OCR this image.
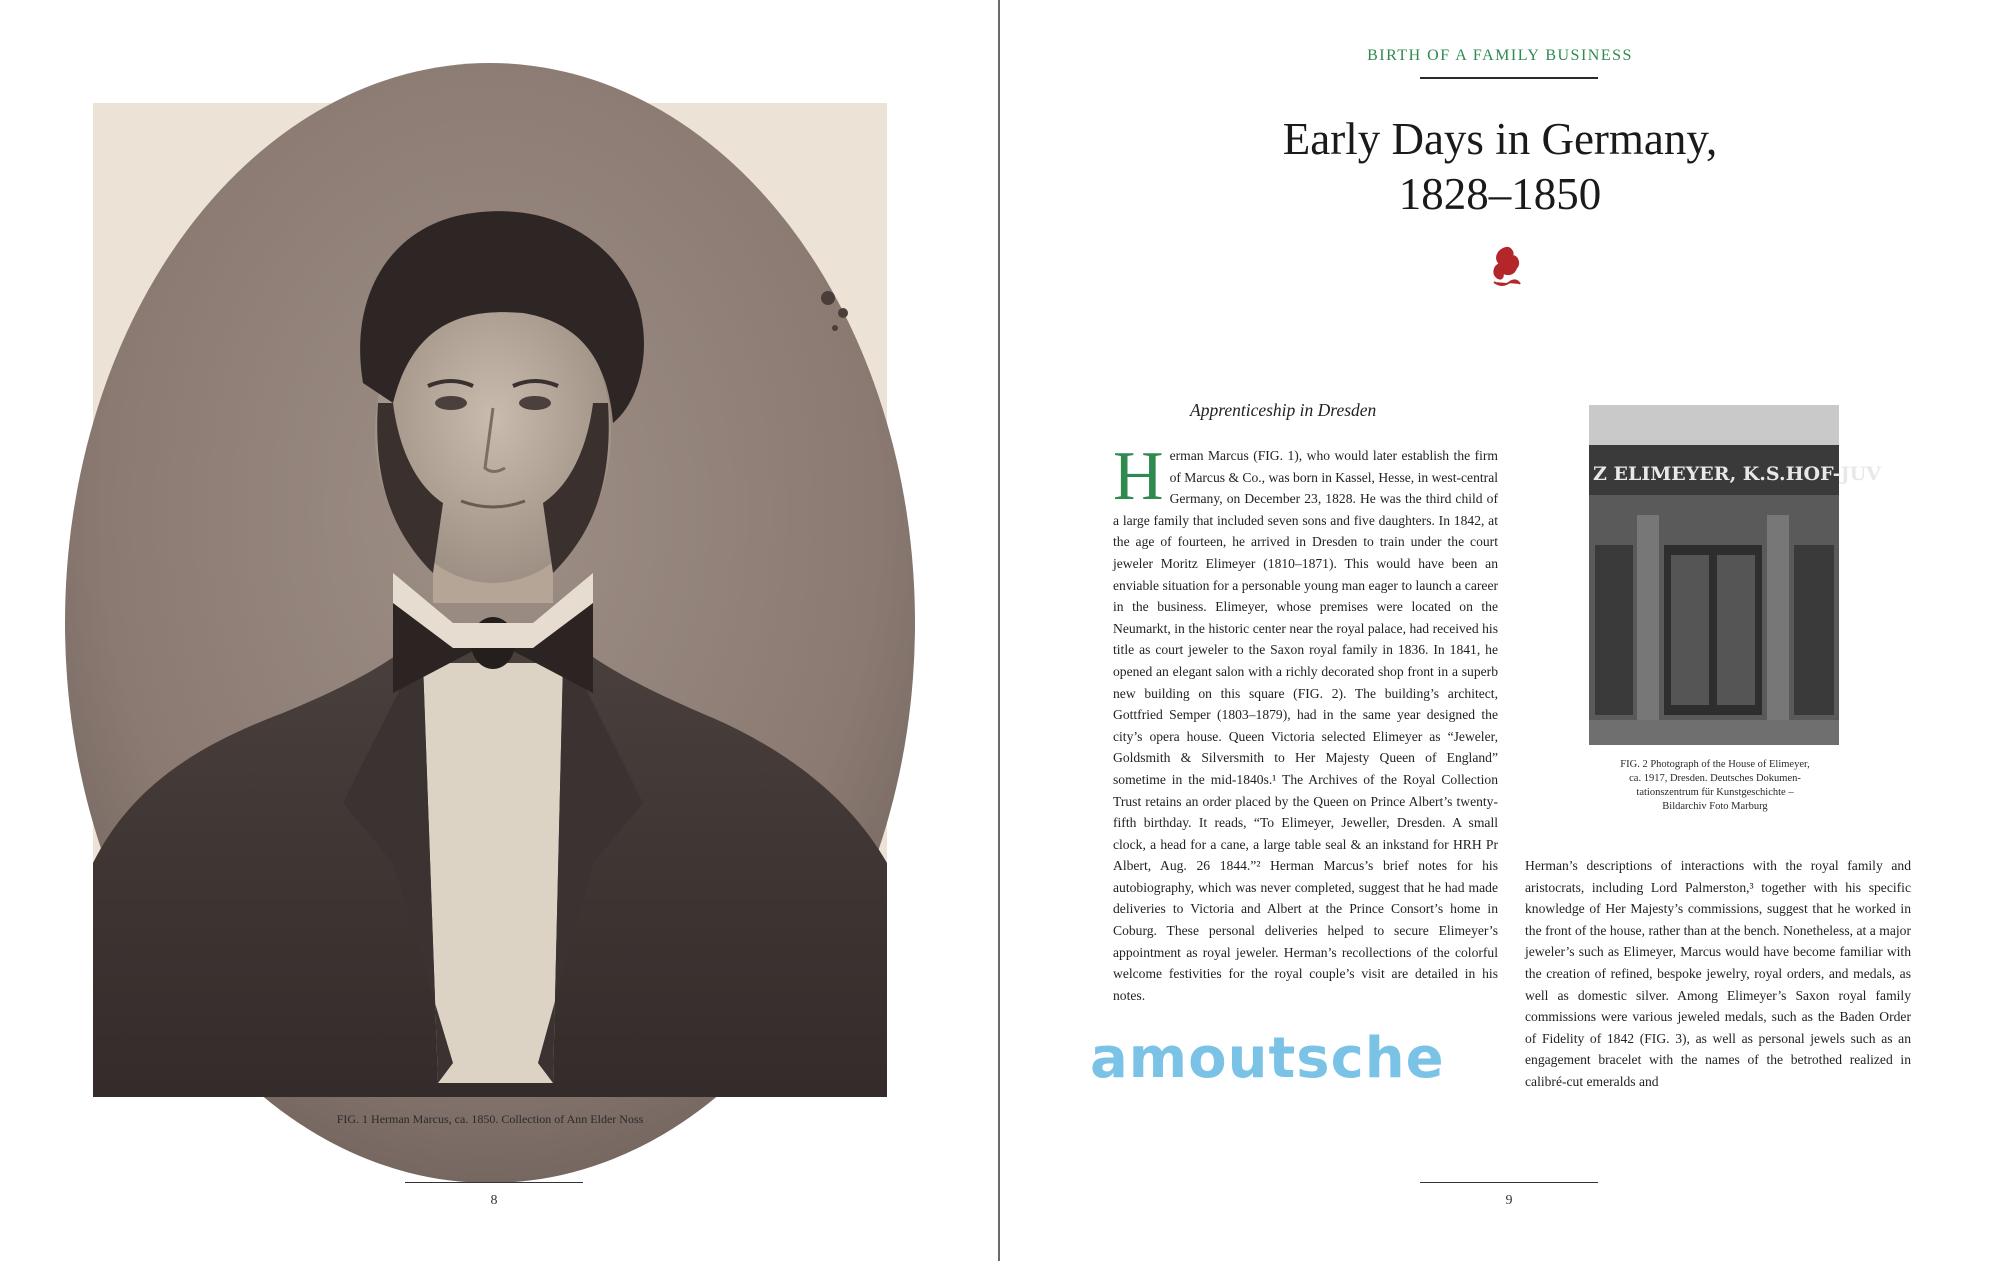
FIG. 1 Herman Marcus, ca. 1850. Collection of Ann Elder Noss
8
BIRTH OF A FAMILY BUSINESS
Early Days in Germany,
1828–1850
Apprenticeship in Dresden

Herman Marcus (FIG. 1), who would later establish the firm of Marcus & Co., was born in Kassel, Hesse, in west-central Germany, on December 23, 1828. He was the third child of a large family that included seven sons and five daughters. In 1842, at the age of fourteen, he arrived in Dresden to train under the court jeweler Moritz Elimeyer (1810–1871). This would have been an enviable situation for a personable young man eager to launch a career in the business. Elimeyer, whose premises were located on the Neumarkt, in the historic center near the royal palace, had received his title as court jeweler to the Saxon royal family in 1836. In 1841, he opened an elegant salon with a richly decorated shop front in a superb new building on this square (FIG. 2). The building’s architect, Gottfried Semper (1803–1879), had in the same year designed the city’s opera house. Queen Victoria selected Elimeyer as “Jeweler, Goldsmith & Silversmith to Her Majesty Queen of England” sometime in the mid-1840s.¹ The Archives of the Royal Collection Trust retains an order placed by the Queen on Prince Albert’s twenty-fifth birthday. It reads, “To Elimeyer, Jeweller, Dresden. A small clock, a head for a cane, a large table seal & an inkstand for HRH Pr Albert, Aug. 26 1844.”² Herman Marcus’s brief notes for his autobiography, which was never completed, suggest that he had made deliveries to Victoria and Albert at the Prince Consort’s home in Coburg. These personal deliveries helped to secure Elimeyer’s appointment as royal jeweler. Herman’s recollections of the colorful welcome festivities for the royal couple’s visit are detailed in his notes.

Z ELIMEYER, K.S.HOF-JUV
FIG. 2 Photograph of the House of Elimeyer,
ca. 1917, Dresden. Deutsches Dokumen-
tationszentrum für Kunstgeschichte –
Bildarchiv Foto Marburg

Herman’s descriptions of interactions with the royal family and aristocrats, including Lord Palmerston,³ together with his specific knowledge of Her Majesty’s commissions, suggest that he worked in the front of the house, rather than at the bench. Nonetheless, at a major jeweler’s such as Elimeyer, Marcus would have become familiar with the creation of refined, bespoke jewelry, royal orders, and medals, as well as domestic silver. Among Elimeyer’s Saxon royal family commissions were various jeweled medals, such as the Baden Order of Fidelity of 1842 (FIG. 3), as well as personal jewels such as an engagement bracelet with the names of the betrothed realized in calibré-cut emeralds and

9
amoutsche
